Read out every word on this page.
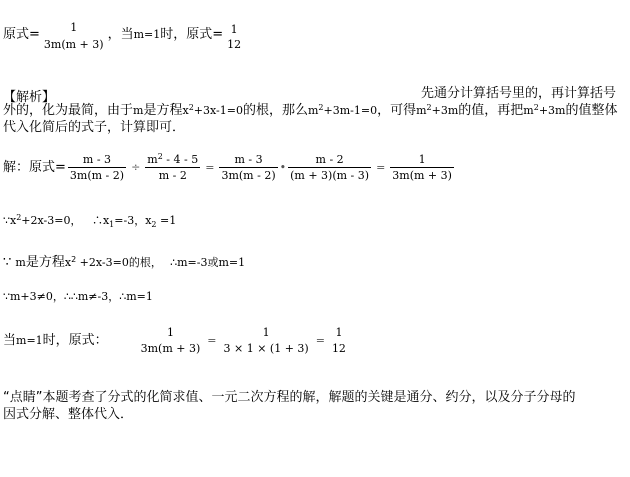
原式= $\frac{1}{3m(m + 3)}$ ，当m=1时，原式= 1
12
【解析】	先通分计算括号里的，再计算括号
外的，化为最简，由于m是方程$x^2+3x-1=0$的根，那么$m^2+3m-1=0$，可得$m^2+3m$的值，再把$m^2+3m$的值整体
代入化简后的式子，计算即可．
解：原式= $\frac{m - 3}{3m(m - 2)} \div \frac{m^2 - 4 - 5}{m - 2} = \frac{m - 3}{3m(m - 2)}$ • $\frac{m - 2}{(m + 3)(m - 3)} = \frac{1}{3m(m + 3)}$
$\because x^2+2x-3=0$， $\therefore x_1=-3$，$x_2 =1$
∵ m是方程$x^2 +2x-3=0$的根， ∴m=-3或m=1
∵m+3≠0，∴∴m≠-3，∴m=1
当m=1时，原式：	$\frac{1}{3m(m + 3)} = \frac{1}{3 \times 1 \times (1 + 3)} = \frac{1}{12}$
“点睛”本题考查了分式的化简求值、一元二次方程的解，解题的关键是通分、约分，以及分子分母的
因式分解、整体代入．
